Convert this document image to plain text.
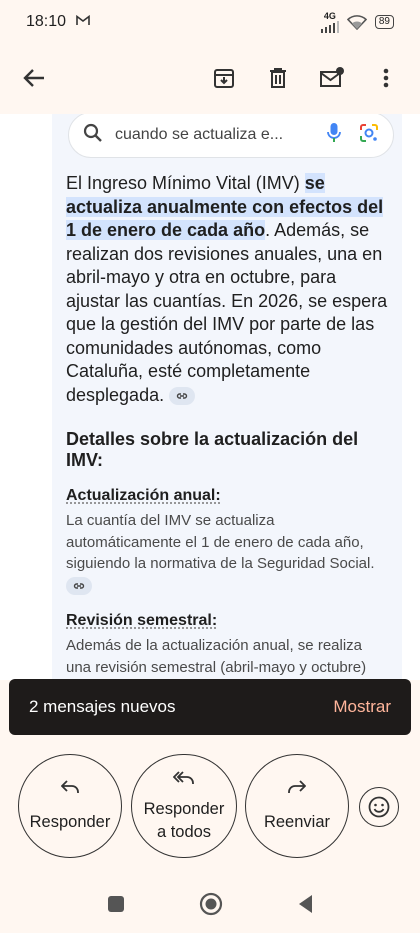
18:10	4G
89
cuando se actualiza e...

El Ingreso Mínimo Vital (IMV) se actualiza anualmente con efectos del 1 de enero de cada año. Además, se realizan dos revisiones anuales, una en abril-mayo y otra en octubre, para ajustar las cuantías. En 2026, se espera que la gestión del IMV por parte de las comunidades autónomas, como Cataluña, esté completamente desplegada.

Detalles sobre la actualización del IMV:
Actualización anual:

La cuantía del IMV se actualiza automáticamente el 1 de enero de cada año, siguiendo la normativa de la Seguridad Social.

Revisión semestral:

Además de la actualización anual, se realiza una revisión semestral (abril-mayo y octubre)

2 mensajes nuevos	Mostrar
Responder
Responder
a todos
Reenviar
